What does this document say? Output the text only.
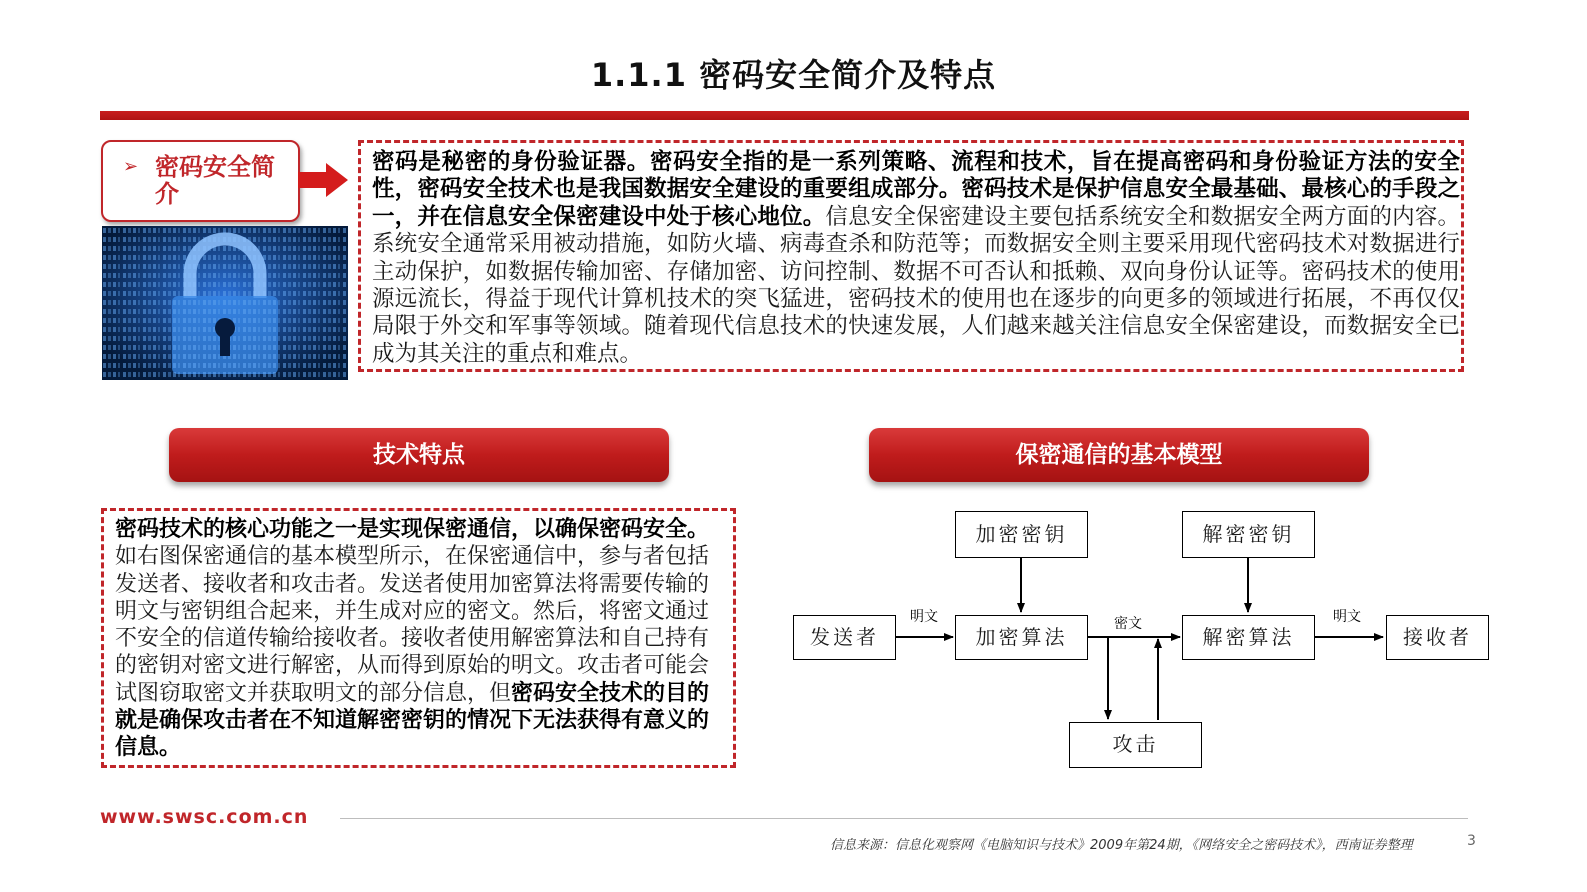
1.1.1 密码安全简介及特点
➢ 密码安全简介
密码是秘密的身份验证器。密码安全指的是一系列策略、流程和技术，旨在提高密码和身份验证方法的安全性，密码安全技术也是我国数据安全建设的重要组成部分。密码技术是保护信息安全最基础、最核心的手段之一，并在信息安全保密建设中处于核心地位。信息安全保密建设主要包括系统安全和数据安全两方面的内容。系统安全通常采用被动措施，如防火墙、病毒查杀和防范等；而数据安全则主要采用现代密码技术对数据进行主动保护，如数据传输加密、存储加密、访问控制、数据不可否认和抵赖、双向身份认证等。密码技术的使用源远流长，得益于现代计算机技术的突飞猛进，密码技术的使用也在逐步的向更多的领域进行拓展，不再仅仅局限于外交和军事等领域。随着现代信息技术的快速发展，人们越来越关注信息安全保密建设，而数据安全已成为其关注的重点和难点。
技术特点	保密通信的基本模型
密码技术的核心功能之一是实现保密通信，以确保密码安全。如右图保密通信的基本模型所示，在保密通信中，参与者包括发送者、接收者和攻击者。发送者使用加密算法将需要传输的明文与密钥组合起来，并生成对应的密文。然后，将密文通过不安全的信道传输给接收者。接收者使用解密算法和自己持有的密钥对密文进行解密，从而得到原始的明文。攻击者可能会试图窃取密文并获取明文的部分信息，但密码安全技术的目的就是确保攻击者在不知道解密密钥的情况下无法获得有意义的信息。
加密密钥	解密密钥
发送者	加密算法	解密算法	接收者
攻击
明文	密文	明文
www.swsc.com.cn
信息来源：信息化观察网《电脑知识与技术》2009年第24期，《网络安全之密码技术》，西南证券整理	3
